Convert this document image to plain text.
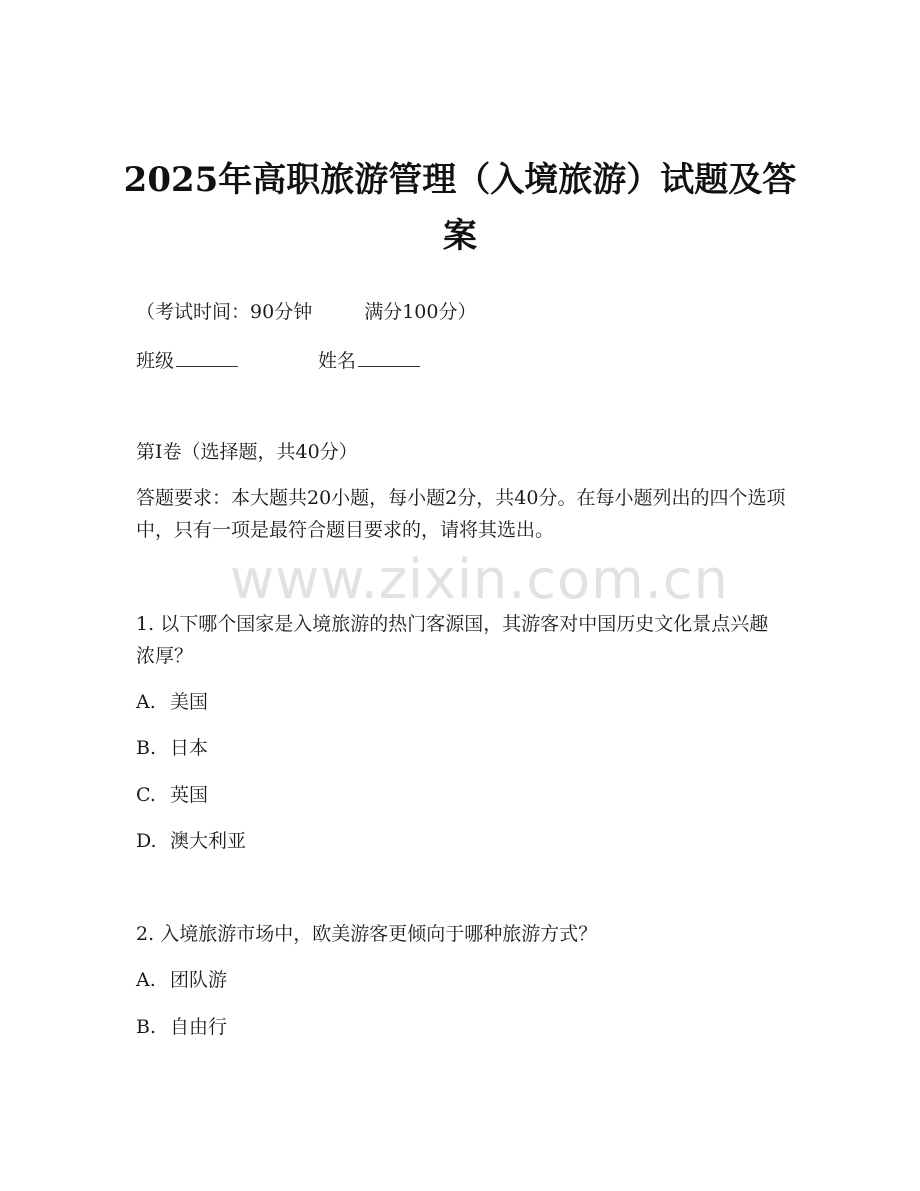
2025年高职旅游管理（入境旅游）试题及答案
（考试时间：90分钟	满分100分）
班级	姓名
第Ⅰ卷（选择题，共40分）
答题要求：本大题共20小题，每小题2分，共40分。在每小题列出的四个选项中，只有一项是最符合题目要求的，请将其选出。
www.zixin.com.cn
1. 以下哪个国家是入境旅游的热门客源国，其游客对中国历史文化景点兴趣浓厚？
A. 美国
B. 日本
C. 英国
D. 澳大利亚
2. 入境旅游市场中，欧美游客更倾向于哪种旅游方式？
A. 团队游
B. 自由行
